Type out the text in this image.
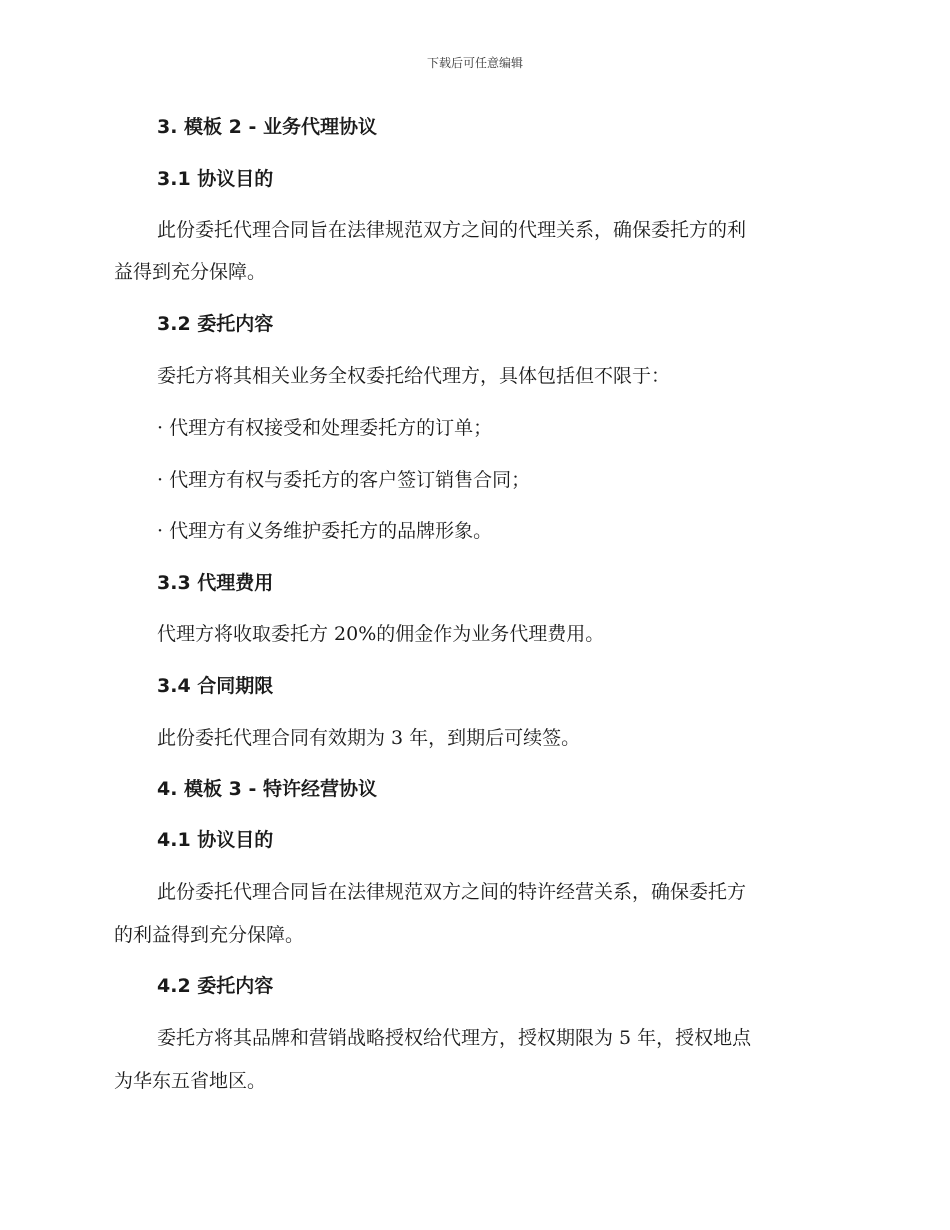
下载后可任意编辑
3. 模板 2 - 业务代理协议
3.1 协议目的
此份委托代理合同旨在法律规范双方之间的代理关系，确保委托方的利
益得到充分保障。
3.2 委托内容
委托方将其相关业务全权委托给代理方，具体包括但不限于：
· 代理方有权接受和处理委托方的订单；
· 代理方有权与委托方的客户签订销售合同；
· 代理方有义务维护委托方的品牌形象。
3.3 代理费用
代理方将收取委托方 20%的佣金作为业务代理费用。
3.4 合同期限
此份委托代理合同有效期为 3 年，到期后可续签。
4. 模板 3 - 特许经营协议
4.1 协议目的
此份委托代理合同旨在法律规范双方之间的特许经营关系，确保委托方
的利益得到充分保障。
4.2 委托内容
委托方将其品牌和营销战略授权给代理方，授权期限为 5 年，授权地点
为华东五省地区。
